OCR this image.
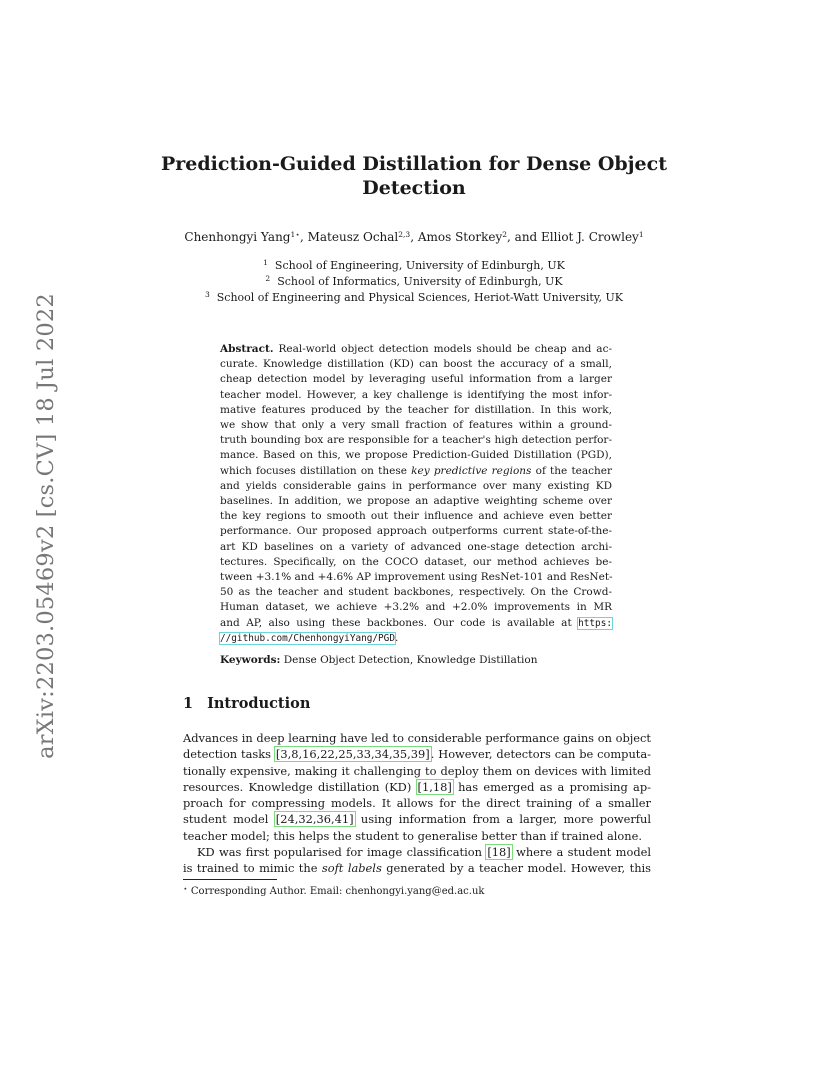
arXiv:2203.05469v2 [cs.CV] 18 Jul 2022
Prediction-Guided Distillation for Dense Object
Detection
Chenhongyi Yang$^{1⋆}$, Mateusz Ochal$^{2,3}$, Amos Storkey$^2$, and Elliot J. Crowley$^1$
$^1$ School of Engineering, University of Edinburgh, UK
$^2$ School of Informatics, University of Edinburgh, UK
$^3$ School of Engineering and Physical Sciences, Heriot-Watt University, UK
Abstract. Real-world object detection models should be cheap and ac-
curate. Knowledge distillation (KD) can boost the accuracy of a small,
cheap detection model by leveraging useful information from a larger
teacher model. However, a key challenge is identifying the most infor-
mative features produced by the teacher for distillation. In this work,
we show that only a very small fraction of features within a ground-
truth bounding box are responsible for a teacher's high detection perfor-
mance. Based on this, we propose Prediction-Guided Distillation (PGD),
which focuses distillation on these key predictive regions of the teacher
and yields considerable gains in performance over many existing KD
baselines. In addition, we propose an adaptive weighting scheme over
the key regions to smooth out their influence and achieve even better
performance. Our proposed approach outperforms current state-of-the-
art KD baselines on a variety of advanced one-stage detection archi-
tectures. Specifically, on the COCO dataset, our method achieves be-
tween +3.1% and +4.6% AP improvement using ResNet-101 and ResNet-
50 as the teacher and student backbones, respectively. On the Crowd-
Human dataset, we achieve +3.2% and +2.0% improvements in MR
and AP, also using these backbones. Our code is available at https:
//github.com/ChenhongyiYang/PGD.
Keywords: Dense Object Detection, Knowledge Distillation
1 Introduction
Advances in deep learning have led to considerable performance gains on object
detection tasks [3,8,16,22,25,33,34,35,39]. However, detectors can be computa-
tionally expensive, making it challenging to deploy them on devices with limited
resources. Knowledge distillation (KD) [1,18] has emerged as a promising ap-
proach for compressing models. It allows for the direct training of a smaller
student model [24,32,36,41] using information from a larger, more powerful
teacher model; this helps the student to generalise better than if trained alone.
KD was first popularised for image classification [18] where a student model
is trained to mimic the soft labels generated by a teacher model. However, this
⋆ Corresponding Author. Email: chenhongyi.yang@ed.ac.uk
